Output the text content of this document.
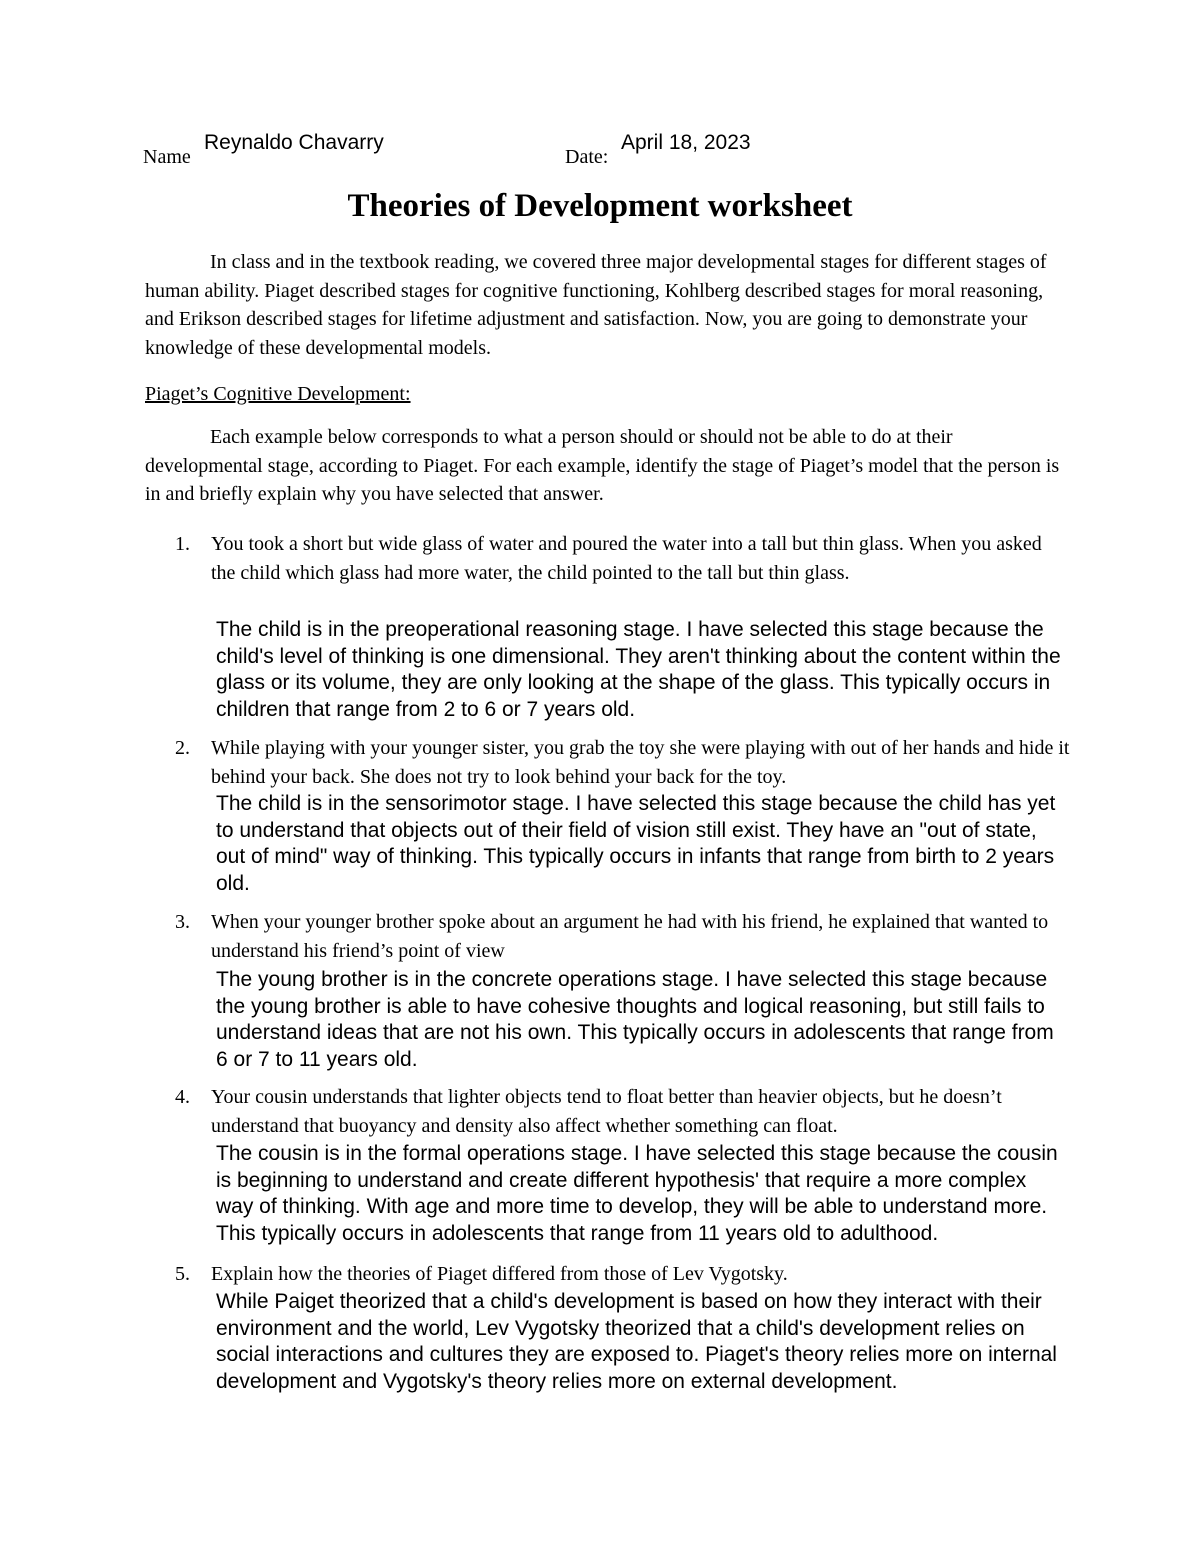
Name
Reynaldo Chavarry
Date:
April 18, 2023
Theories of Development worksheet

In class and in the textbook reading, we covered three major developmental stages for different stages of human ability. Piaget described stages for cognitive functioning, Kohlberg described stages for moral reasoning, and Erikson described stages for lifetime adjustment and satisfaction. Now, you are going to demonstrate your knowledge of these developmental models.

Piaget’s Cognitive Development:

Each example below corresponds to what a person should or should not be able to do at their developmental stage, according to Piaget. For each example, identify the stage of Piaget’s model that the person is in and briefly explain why you have selected that answer.

1. You took a short but wide glass of water and poured the water into a tall but thin glass. When you asked the child which glass had more water, the child pointed to the tall but thin glass.

The child is in the preoperational reasoning stage. I have selected this stage because the child's level of thinking is one dimensional. They aren't thinking about the content within the glass or its volume, they are only looking at the shape of the glass. This typically occurs in children that range from 2 to 6 or 7 years old.

2. While playing with your younger sister, you grab the toy she were playing with out of her hands and hide it behind your back. She does not try to look behind your back for the toy.

The child is in the sensorimotor stage. I have selected this stage because the child has yet to understand that objects out of their field of vision still exist. They have an "out of state, out of mind" way of thinking. This typically occurs in infants that range from birth to 2 years old.

3. When your younger brother spoke about an argument he had with his friend, he explained that wanted to understand his friend’s point of view

The young brother is in the concrete operations stage. I have selected this stage because the young brother is able to have cohesive thoughts and logical reasoning, but still fails to understand ideas that are not his own. This typically occurs in adolescents that range from 6 or 7 to 11 years old.

4. Your cousin understands that lighter objects tend to float better than heavier objects, but he doesn’t understand that buoyancy and density also affect whether something can float.

The cousin is in the formal operations stage. I have selected this stage because the cousin is beginning to understand and create different hypothesis' that require a more complex way of thinking. With age and more time to develop, they will be able to understand more. This typically occurs in adolescents that range from 11 years old to adulthood.

5. Explain how the theories of Piaget differed from those of Lev Vygotsky.

While Paiget theorized that a child's development is based on how they interact with their environment and the world, Lev Vygotsky theorized that a child's development relies on social interactions and cultures they are exposed to. Piaget's theory relies more on internal development and Vygotsky's theory relies more on external development.
